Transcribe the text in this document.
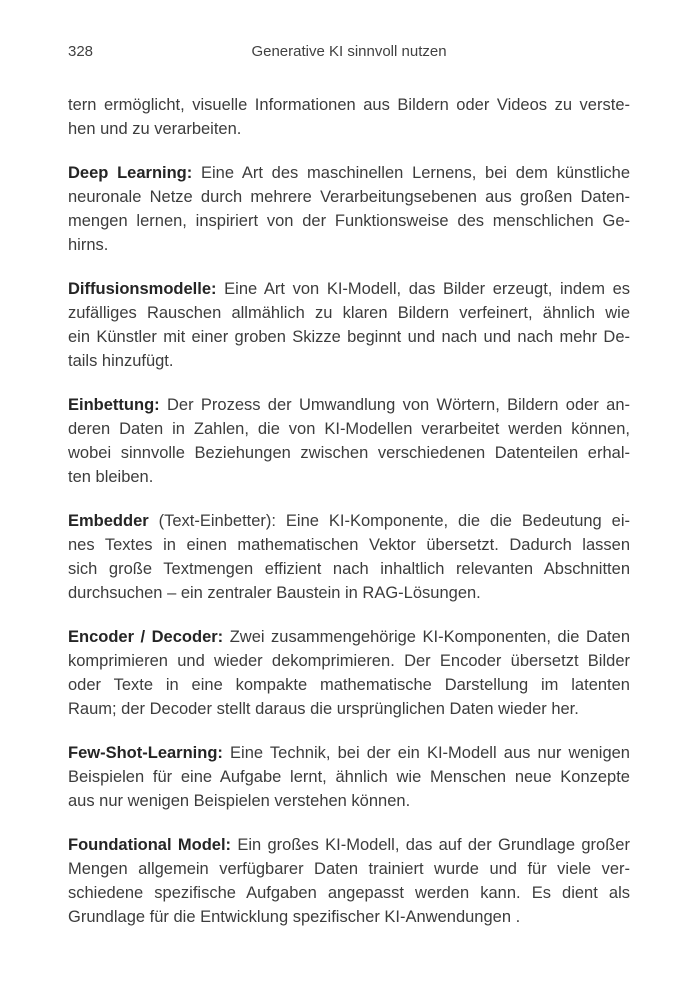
328	Generative KI sinnvoll nutzen

tern ermöglicht, visuelle Informationen aus Bildern oder Videos zu verste-
hen und zu verarbeiten.

Deep Learning: Eine Art des maschinellen Lernens, bei dem künstliche
neuronale Netze durch mehrere Verarbeitungsebenen aus großen Daten-
mengen lernen, inspiriert von der Funktionsweise des menschlichen Ge-
hirns.

Diffusionsmodelle: Eine Art von KI-Modell, das Bilder erzeugt, indem es
zufälliges Rauschen allmählich zu klaren Bildern verfeinert, ähnlich wie
ein Künstler mit einer groben Skizze beginnt und nach und nach mehr De-
tails hinzufügt.

Einbettung: Der Prozess der Umwandlung von Wörtern, Bildern oder an-
deren Daten in Zahlen, die von KI-Modellen verarbeitet werden können,
wobei sinnvolle Beziehungen zwischen verschiedenen Datenteilen erhal-
ten bleiben.

Embedder (Text-Einbetter): Eine KI-Komponente, die die Bedeutung ei-
nes Textes in einen mathematischen Vektor übersetzt. Dadurch lassen
sich große Textmengen effizient nach inhaltlich relevanten Abschnitten
durchsuchen – ein zentraler Baustein in RAG-Lösungen.

Encoder / Decoder: Zwei zusammengehörige KI-Komponenten, die Daten
komprimieren und wieder dekomprimieren. Der Encoder übersetzt Bilder
oder Texte in eine kompakte mathematische Darstellung im latenten
Raum; der Decoder stellt daraus die ursprünglichen Daten wieder her.

Few-Shot-Learning: Eine Technik, bei der ein KI-Modell aus nur wenigen
Beispielen für eine Aufgabe lernt, ähnlich wie Menschen neue Konzepte
aus nur wenigen Beispielen verstehen können.

Foundational Model: Ein großes KI-Modell, das auf der Grundlage großer
Mengen allgemein verfügbarer Daten trainiert wurde und für viele ver-
schiedene spezifische Aufgaben angepasst werden kann. Es dient als
Grundlage für die Entwicklung spezifischer KI-Anwendungen .
